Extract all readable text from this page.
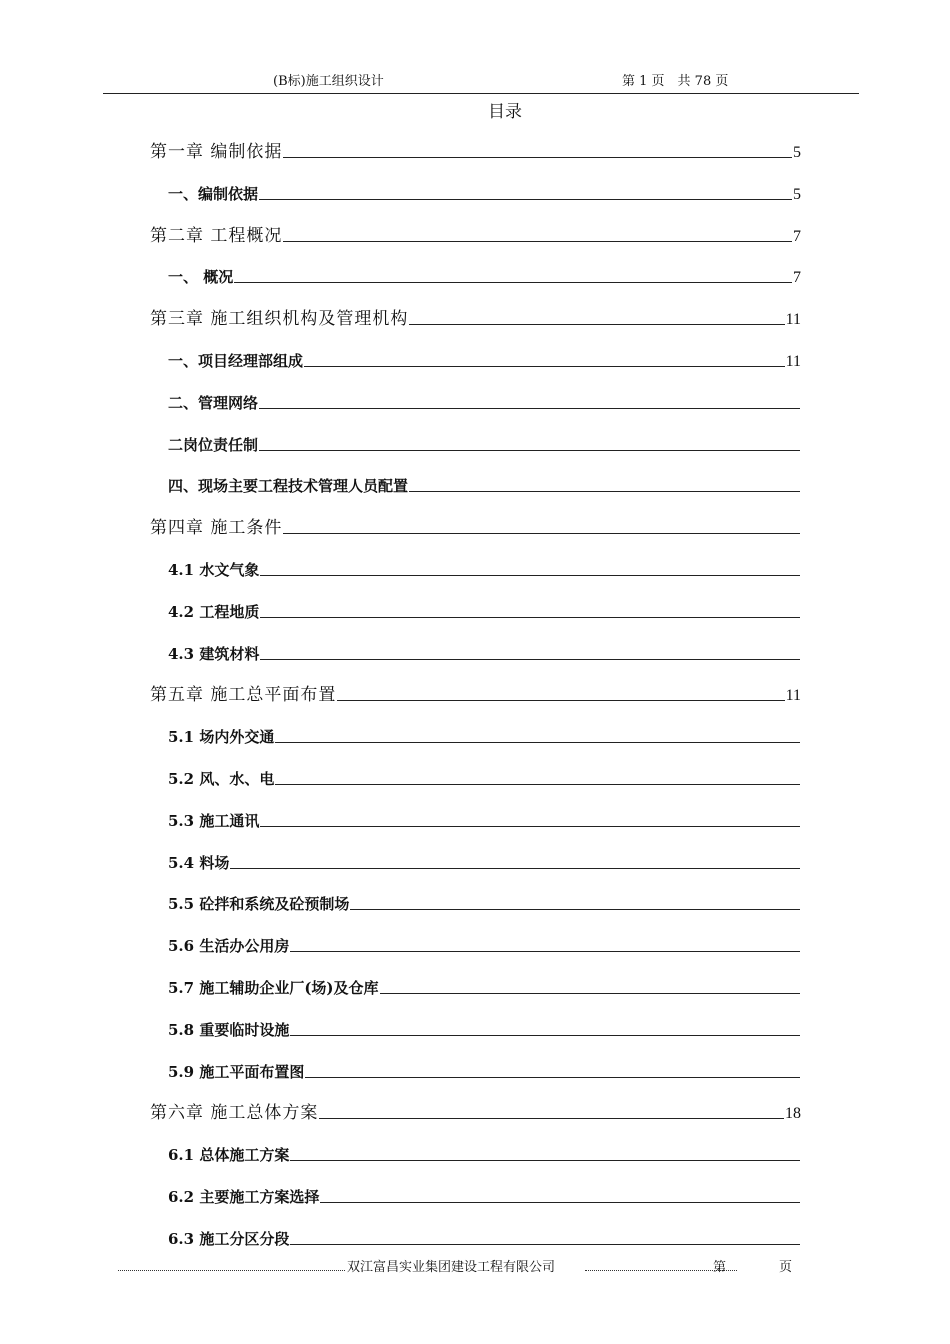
(B标)施工组织设计	第 1 页　共 78 页
目录
第一章 编制依据	5
一、编制依据	5
第二章 工程概况	7
一、 概况	7
第三章 施工组织机构及管理机构	11
一、项目经理部组成	11
二、管理网络
二岗位责任制
四、现场主要工程技术管理人员配置
第四章 施工条件
4.1 水文气象
4.2 工程地质
4.3 建筑材料
第五章 施工总平面布置	11
5.1 场内外交通
5.2 风、水、电
5.3 施工通讯
5.4 料场
5.5 砼拌和系统及砼预制场
5.6 生活办公用房
5.7 施工辅助企业厂(场)及仓库
5.8 重要临时设施
5.9 施工平面布置图
第六章 施工总体方案	18
6.1 总体施工方案
6.2 主要施工方案选择
6.3 施工分区分段
双江富昌实业集团建设工程有限公司	第	页
